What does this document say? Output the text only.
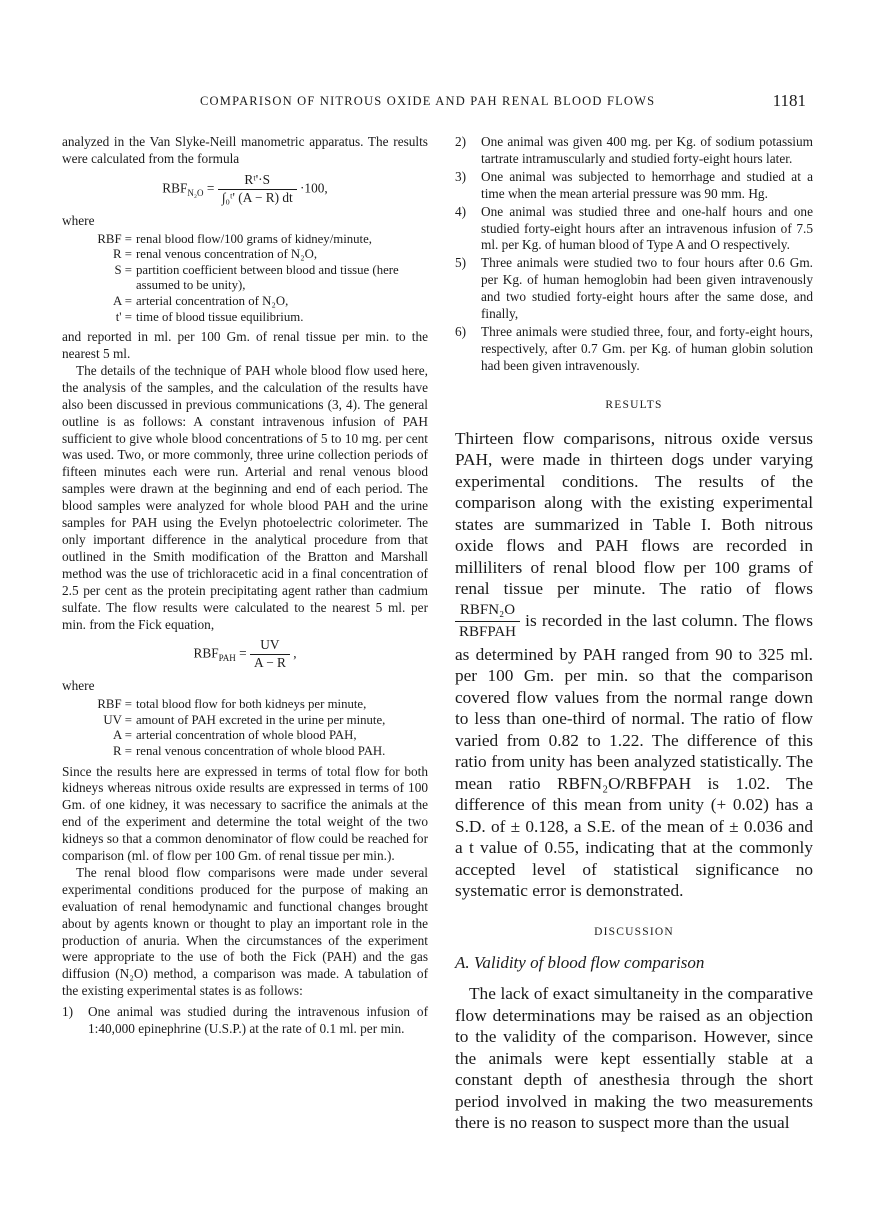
COMPARISON OF NITROUS OXIDE AND PAH RENAL BLOOD FLOWS	1181

analyzed in the Van Slyke-Neill manometric apparatus. The results were calculated from the formula

$RBF_{N_2O} = \frac{\text{Rᵗ'·S}}{\text{∫₀ᵗ' (A − R) dt}} \cdot 100$,

where

RBF = renal blood flow/100 grams of kidney/minute,
R = renal venous concentration of N₂O,
S = partition coefficient between blood and tissue (here assumed to be unity),
A = arterial concentration of N₂O,
t' = time of blood tissue equilibrium.

and reported in ml. per 100 Gm. of renal tissue per min. to the nearest 5 ml.

The details of the technique of PAH whole blood flow used here, the analysis of the samples, and the calculation of the results have also been discussed in previous communications (3, 4). The general outline is as follows: A constant intravenous infusion of PAH sufficient to give whole blood concentrations of 5 to 10 mg. per cent was used. Two, or more commonly, three urine collection periods of fifteen minutes each were run. Arterial and renal venous blood samples were drawn at the beginning and end of each period. The blood samples were analyzed for whole blood PAH and the urine samples for PAH using the Evelyn photoelectric colorimeter. The only important difference in the analytical procedure from that outlined in the Smith modification of the Bratton and Marshall method was the use of trichloracetic acid in a final concentration of 2.5 per cent as the protein precipitating agent rather than cadmium sulfate. The flow results were calculated to the nearest 5 ml. per min. from the Fick equation,

$RBF_{PAH} = \frac{UV}{A - R}$ ,

where

RBF = total blood flow for both kidneys per minute,
UV = amount of PAH excreted in the urine per minute,
A = arterial concentration of whole blood PAH,
R = renal venous concentration of whole blood PAH.

Since the results here are expressed in terms of total flow for both kidneys whereas nitrous oxide results are expressed in terms of 100 Gm. of one kidney, it was necessary to sacrifice the animals at the end of the experiment and determine the total weight of the two kidneys so that a common denominator of flow could be reached for comparison (ml. of flow per 100 Gm. of renal tissue per min.).

The renal blood flow comparisons were made under several experimental conditions produced for the purpose of making an evaluation of renal hemodynamic and functional changes brought about by agents known or thought to play an important role in the production of anuria. When the circumstances of the experiment were appropriate to the use of both the Fick (PAH) and the gas diffusion (N₂O) method, a comparison was made. A tabulation of the existing experimental states is as follows:

1)	One animal was studied during the intravenous infusion of 1:40,000 epinephrine (U.S.P.) at the rate of 0.1 ml. per min.
2)	One animal was given 400 mg. per Kg. of sodium potassium tartrate intramuscularly and studied forty-eight hours later.
3)	One animal was subjected to hemorrhage and studied at a time when the mean arterial pressure was 90 mm. Hg.
4)	One animal was studied three and one-half hours and one studied forty-eight hours after an intravenous infusion of 7.5 ml. per Kg. of human blood of Type A and O respectively.
5)	Three animals were studied two to four hours after 0.6 Gm. per Kg. of human hemoglobin had been given intravenously and two studied forty-eight hours after the same dose, and finally,
6)	Three animals were studied three, four, and forty-eight hours, respectively, after 0.7 Gm. per Kg. of human globin solution had been given intravenously.
RESULTS

Thirteen flow comparisons, nitrous oxide versus PAH, were made in thirteen dogs under varying experimental conditions. The results of the comparison along with the existing experimental states are summarized in Table I. Both nitrous oxide flows and PAH flows are recorded in milliliters of renal blood flow per 100 grams of renal tissue per minute. The ratio of flows
$\frac{\text{RBFN₂O}}{\text{RBFPAH}}$ is recorded in the last column. The flows as determined by PAH ranged from 90 to 325 ml. per 100 Gm. per min. so that the comparison covered flow values from the normal range down to less than one-third of normal. The ratio of flow varied from 0.82 to 1.22. The difference of this ratio from unity has been analyzed statistically. The mean ratio RBFN₂O/RBFPAH is 1.02. The difference of this mean from unity (+ 0.02) has a S.D. of ± 0.128, a S.E. of the mean of ± 0.036 and a t value of 0.55, indicating that at the commonly accepted level of statistical significance no systematic error is demonstrated.

DISCUSSION
A. Validity of blood flow comparison

The lack of exact simultaneity in the comparative flow determinations may be raised as an objection to the validity of the comparison. However, since the animals were kept essentially stable at a constant depth of anesthesia through the short period involved in making the two measurements there is no reason to suspect more than the usual
